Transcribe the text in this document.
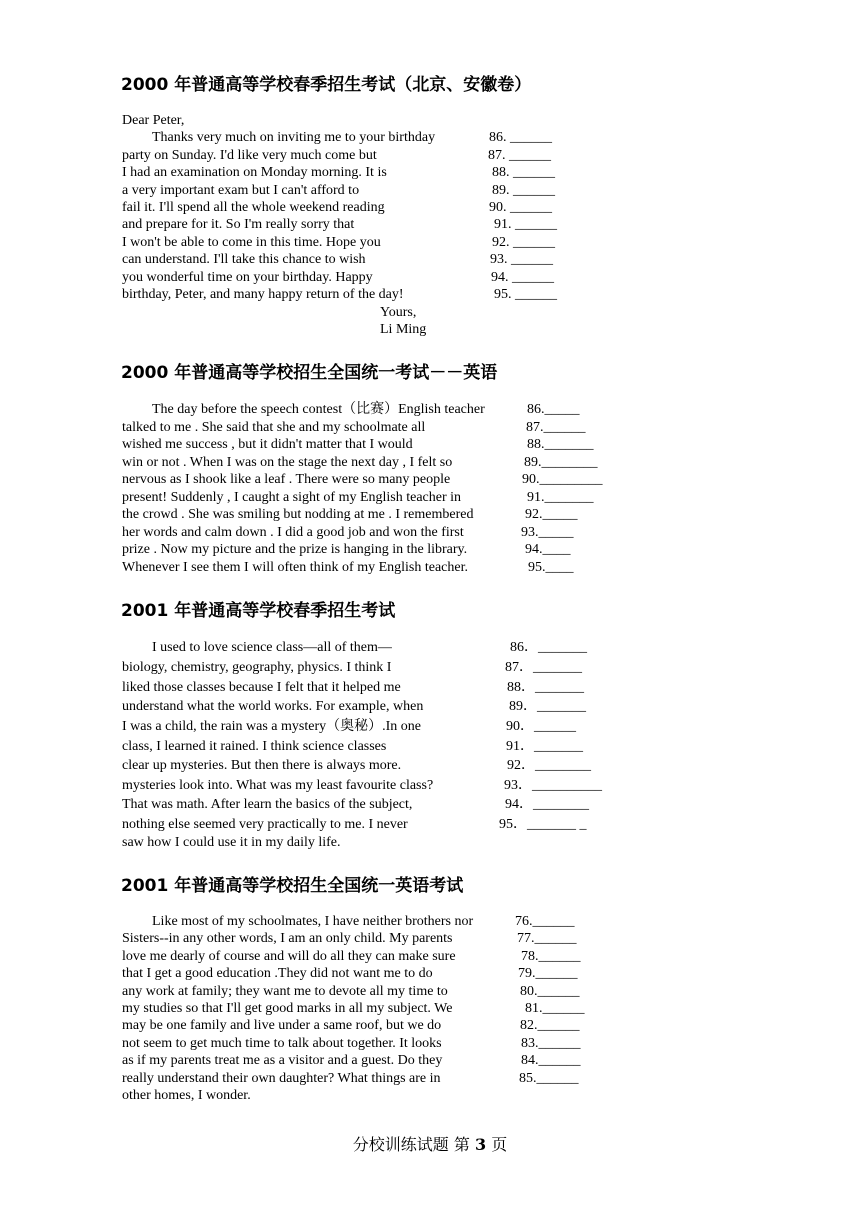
2000 年普通高等学校春季招生考试（北京、安徽卷）
Dear Peter,
Thanks very much on inviting me to your birthday
party on Sunday. I'd like very much come but
I had an examination on Monday morning. It is
a very important exam but I can't afford to
fail it. I'll spend all the whole weekend reading
and prepare for it. So I'm really sorry that
I won't be able to come in this time. Hope you
can understand. I'll take this chance to wish
you wonderful time on your birthday. Happy
birthday, Peter, and many happy return of the day!
Yours,
Li Ming
86. ______
87. ______
88. ______
89. ______
90. ______
91. ______
92. ______
93. ______
94. ______
95. ______
2000 年普通高等学校招生全国统一考试－－英语
The day before the speech contest（比赛）English teacher
talked to me . She said that she and my schoolmate all
wished me success , but it didn't matter that I would
win or not . When I was on the stage the next day , I felt so
nervous as I shook like a leaf . There were so many people
present! Suddenly , I caught a sight of my English teacher in
the crowd . She was smiling but nodding at me . I remembered
her words and calm down . I did a good job and won the first
prize . Now my picture and the prize is hanging in the library.
Whenever I see them I will often think of my English teacher.
86._____
87.______
88._______
89.________
90._________
91._______
92._____
93._____
94.____
95.____
2001 年普通高等学校春季招生考试
I used to love science class—all of them—
biology, chemistry, geography, physics. I think I
liked those classes because I felt that it helped me
understand what the world works. For example, when
I was a child, the rain was a mystery（奥秘）.In one
class, I learned it rained. I think science classes
clear up mysteries. But then there is always more.
mysteries look into. What was my least favourite class?
That was math. After learn the basics of the subject,
nothing else seemed very practically to me. I never
saw how I could use it in my daily life.
86．_______
87．_______
88．_______
89．_______
90．______
91．_______
92．________
93．__________
94．________
95．_______ _
2001 年普通高等学校招生全国统一英语考试
Like most of my schoolmates, I have neither brothers nor
Sisters--in any other words, I am an only child. My parents
love me dearly of course and will do all they can make sure
that I get a good education .They did not want me to do
any work at family; they want me to devote all my time to
my studies so that I'll get good marks in all my subject. We
may be one family and live under a same roof, but we do
not seem to get much time to talk about together. It looks
as if my parents treat me as a visitor and a guest. Do they
really understand their own daughter? What things are in
other homes, I wonder.
76.______
77.______
78.______
79.______
80.______
81.______
82.______
83.______
84.______
85.______
分校训练试题 第 3 页
